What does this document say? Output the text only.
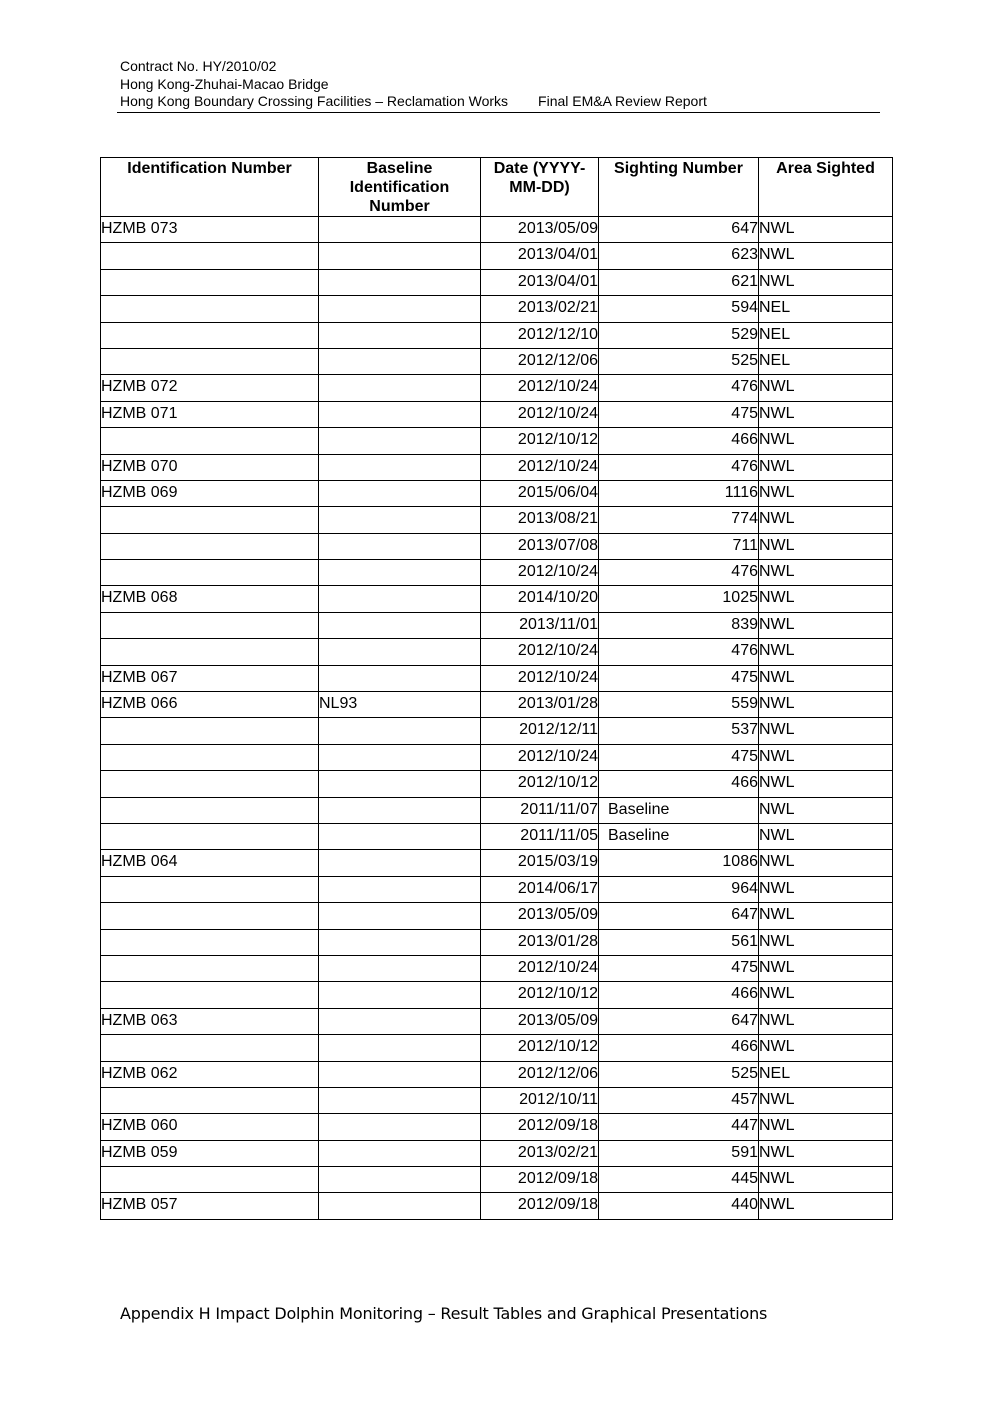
Contract No. HY/2010/02
Hong Kong-Zhuhai-Macao Bridge
Hong Kong Boundary Crossing Facilities – Reclamation Works Final EM&A Review Report
Identification Number	Baseline Identification Number	Date (YYYY-MM-DD)	Sighting Number	Area Sighted
HZMB 073		2013/05/09	647	NWL
		2013/04/01	623	NWL
		2013/04/01	621	NWL
		2013/02/21	594	NEL
		2012/12/10	529	NEL
		2012/12/06	525	NEL
HZMB 072		2012/10/24	476	NWL
HZMB 071		2012/10/24	475	NWL
		2012/10/12	466	NWL
HZMB 070		2012/10/24	476	NWL
HZMB 069		2015/06/04	1116	NWL
		2013/08/21	774	NWL
		2013/07/08	711	NWL
		2012/10/24	476	NWL
HZMB 068		2014/10/20	1025	NWL
		2013/11/01	839	NWL
		2012/10/24	476	NWL
HZMB 067		2012/10/24	475	NWL
HZMB 066	NL93	2013/01/28	559	NWL
		2012/12/11	537	NWL
		2012/10/24	475	NWL
		2012/10/12	466	NWL
		2011/11/07	Baseline	NWL
		2011/11/05	Baseline	NWL
HZMB 064		2015/03/19	1086	NWL
		2014/06/17	964	NWL
		2013/05/09	647	NWL
		2013/01/28	561	NWL
		2012/10/24	475	NWL
		2012/10/12	466	NWL
HZMB 063		2013/05/09	647	NWL
		2012/10/12	466	NWL
HZMB 062		2012/12/06	525	NEL
		2012/10/11	457	NWL
HZMB 060		2012/09/18	447	NWL
HZMB 059		2013/02/21	591	NWL
		2012/09/18	445	NWL
HZMB 057		2012/09/18	440	NWL
Appendix H Impact Dolphin Monitoring – Result Tables and Graphical Presentations
